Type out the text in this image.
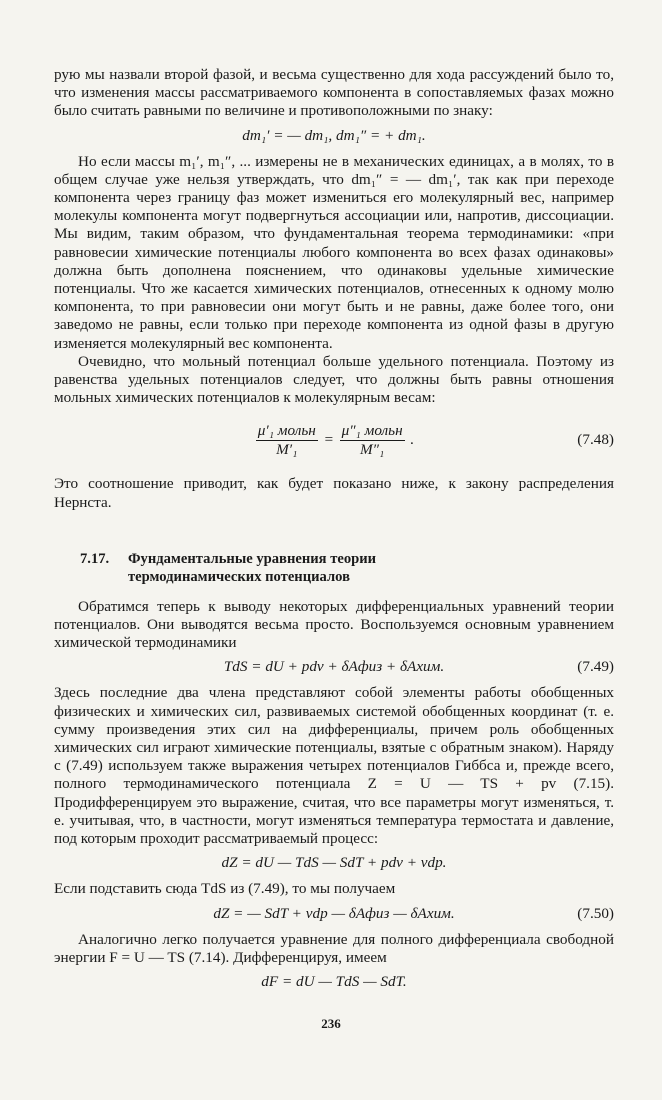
рую мы назвали второй фазой, и весьма существенно для хода рассуждений было то, что изменения массы рассматриваемого компонента в сопоставляемых фазах можно было считать равными по величине и противоположными по знаку:

dm₁′ = — dm₁, dm₁″ = + dm₁.

Но если массы m₁′, m₁″, ... измерены не в механических единицах, а в молях, то в общем случае уже нельзя утверждать, что dm₁″ = — dm₁′, так как при переходе компонента через границу фаз может измениться его молекулярный вес, например молекулы компонента могут подвергнуться ассоциации или, напротив, диссоциации. Мы видим, таким образом, что фундаментальная теорема термодинамики: «при равновесии химические потенциалы любого компонента во всех фазах одинаковы» должна быть дополнена пояснением, что одинаковы удельные химические потенциалы. Что же касается химических потенциалов, отнесенных к одному молю компонента, то при равновесии они могут быть и не равны, даже более того, они заведомо не равны, если только при переходе компонента из одной фазы в другую изменяется молекулярный вес компонента.

Очевидно, что мольный потенциал больше удельного потенциала. Поэтому из равенства удельных потенциалов следует, что должны быть равны отношения мольных химических потенциалов к молекулярным весам:

$\frac{\text{μ′₁ мольн}}{\text{M′₁}} = \frac{\text{μ″₁ мольн}}{\text{M″₁}}$ .	(7.48)

Это соотношение приводит, как будет показано ниже, к закону распределения Нернста.

7.17. Фундаментальные уравнения теории
термодинамических потенциалов

Обратимся теперь к выводу некоторых дифференциальных уравнений теории потенциалов. Они выводятся весьма просто. Воспользуемся основным уравнением химической термодинамики

TdS = dU + pdv + δAфиз + δAхим.	(7.49)

Здесь последние два члена представляют собой элементы работы обобщенных физических и химических сил, развиваемых системой обобщенных координат (т. е. сумму произведения этих сил на дифференциалы, причем роль обобщенных химических сил играют химические потенциалы, взятые с обратным знаком). Наряду с (7.49) используем также выражения четырех потенциалов Гиббса и, прежде всего, полного термодинамического потенциала Z = U — TS + pv (7.15). Продифференцируем это выражение, считая, что все параметры могут изменяться, т. е. учитывая, что, в частности, могут изменяться температура термостата и давление, под которым проходит рассматриваемый процесс:

dZ = dU — TdS — SdT + pdv + vdp.

Если подставить сюда TdS из (7.49), то мы получаем

dZ = — SdT + vdp — δAфиз — δAхим.	(7.50)

Аналогично легко получается уравнение для полного дифференциала свободной энергии F = U — TS (7.14). Дифференцируя, имеем

dF = dU — TdS — SdT.
236
